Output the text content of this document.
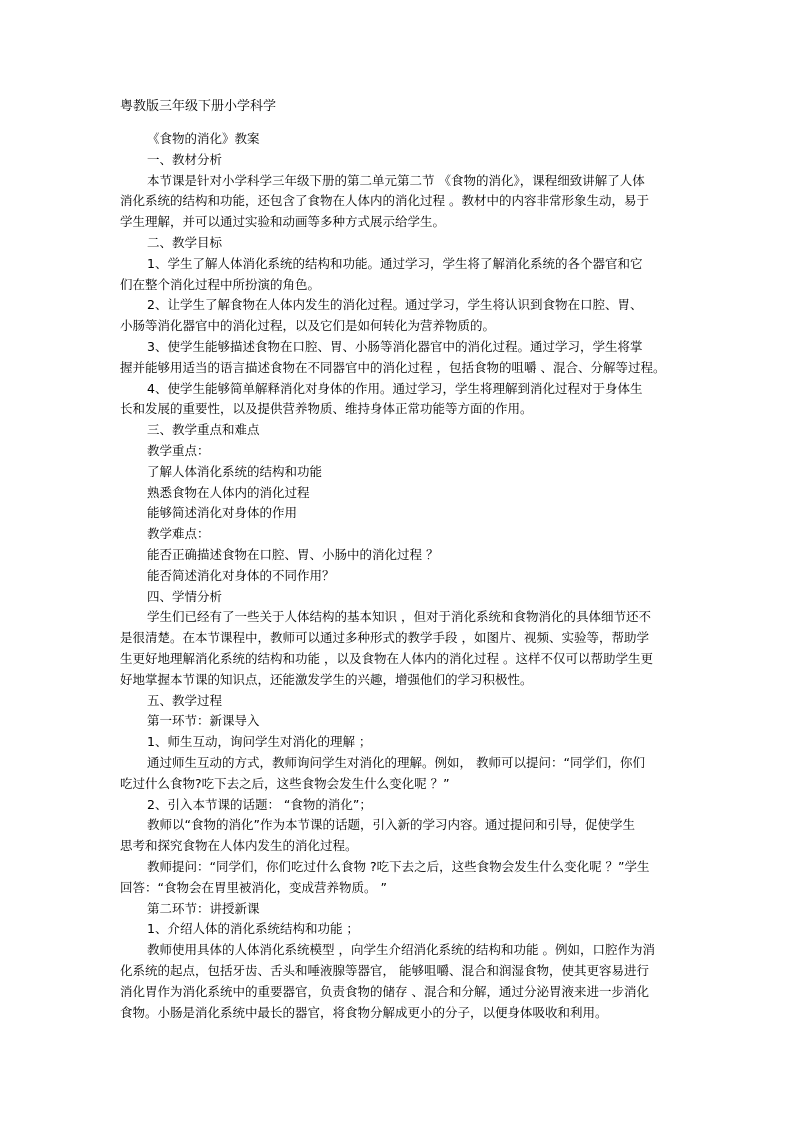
粤教版三年级下册小学科学
《食物的消化》教案
一、教材分析
本节课是针对小学科学三年级下册的第二单元第二节 《食物的消化》，课程细致讲解了人体
消化系统的结构和功能，还包含了食物在人体内的消化过程 。教材中的内容非常形象生动，易于
学生理解，并可以通过实验和动画等多种方式展示给学生。
二、教学目标
1、学生了解人体消化系统的结构和功能。通过学习，学生将了解消化系统的各个器官和它
们在整个消化过程中所扮演的角色。
2、让学生了解食物在人体内发生的消化过程。通过学习，学生将认识到食物在口腔、胃、
小肠等消化器官中的消化过程，以及它们是如何转化为营养物质的。
3、使学生能够描述食物在口腔、胃、小肠等消化器官中的消化过程。通过学习，学生将掌
握并能够用适当的语言描述食物在不同器官中的消化过程 ，包括食物的咀嚼 、混合、分解等过程。
4、使学生能够简单解释消化对身体的作用。通过学习，学生将理解到消化过程对于身体生
长和发展的重要性，以及提供营养物质、维持身体正常功能等方面的作用。
三、教学重点和难点
教学重点：
了解人体消化系统的结构和功能
熟悉食物在人体内的消化过程
能够简述消化对身体的作用
教学难点：
能否正确描述食物在口腔、胃、小肠中的消化过程 ？
能否简述消化对身体的不同作用？
四、学情分析
学生们已经有了一些关于人体结构的基本知识 ，但对于消化系统和食物消化的具体细节还不
是很清楚。在本节课程中，教师可以通过多种形式的教学手段 ，如图片、视频、实验等，帮助学
生更好地理解消化系统的结构和功能 ，以及食物在人体内的消化过程 。这样不仅可以帮助学生更
好地掌握本节课的知识点，还能激发学生的兴趣，增强他们的学习积极性。
五、教学过程
第一环节：新课导入
1、师生互动，询问学生对消化的理解 ；
通过师生互动的方式，教师询问学生对消化的理解。例如， 教师可以提问：“同学们，你们
吃过什么食物?吃下去之后，这些食物会发生什么变化呢 ？”
2、引入本节课的话题： “食物的消化”；
教师以“食物的消化”作为本节课的话题，引入新的学习内容。通过提问和引导，促使学生
思考和探究食物在人体内发生的消化过程。
教师提问：“同学们，你们吃过什么食物 ?吃下去之后，这些食物会发生什么变化呢 ？”学生
回答：“食物会在胃里被消化，变成营养物质。 ”
第二环节：讲授新课
1、介绍人体的消化系统结构和功能 ；
教师使用具体的人体消化系统模型 ，向学生介绍消化系统的结构和功能 。例如，口腔作为消
化系统的起点，包括牙齿、舌头和唾液腺等器官， 能够咀嚼、混合和润湿食物，使其更容易进行
消化胃作为消化系统中的重要器官，负责食物的储存 、混合和分解，通过分泌胃液来进一步消化
食物。小肠是消化系统中最长的器官，将食物分解成更小的分子，以便身体吸收和利用。
